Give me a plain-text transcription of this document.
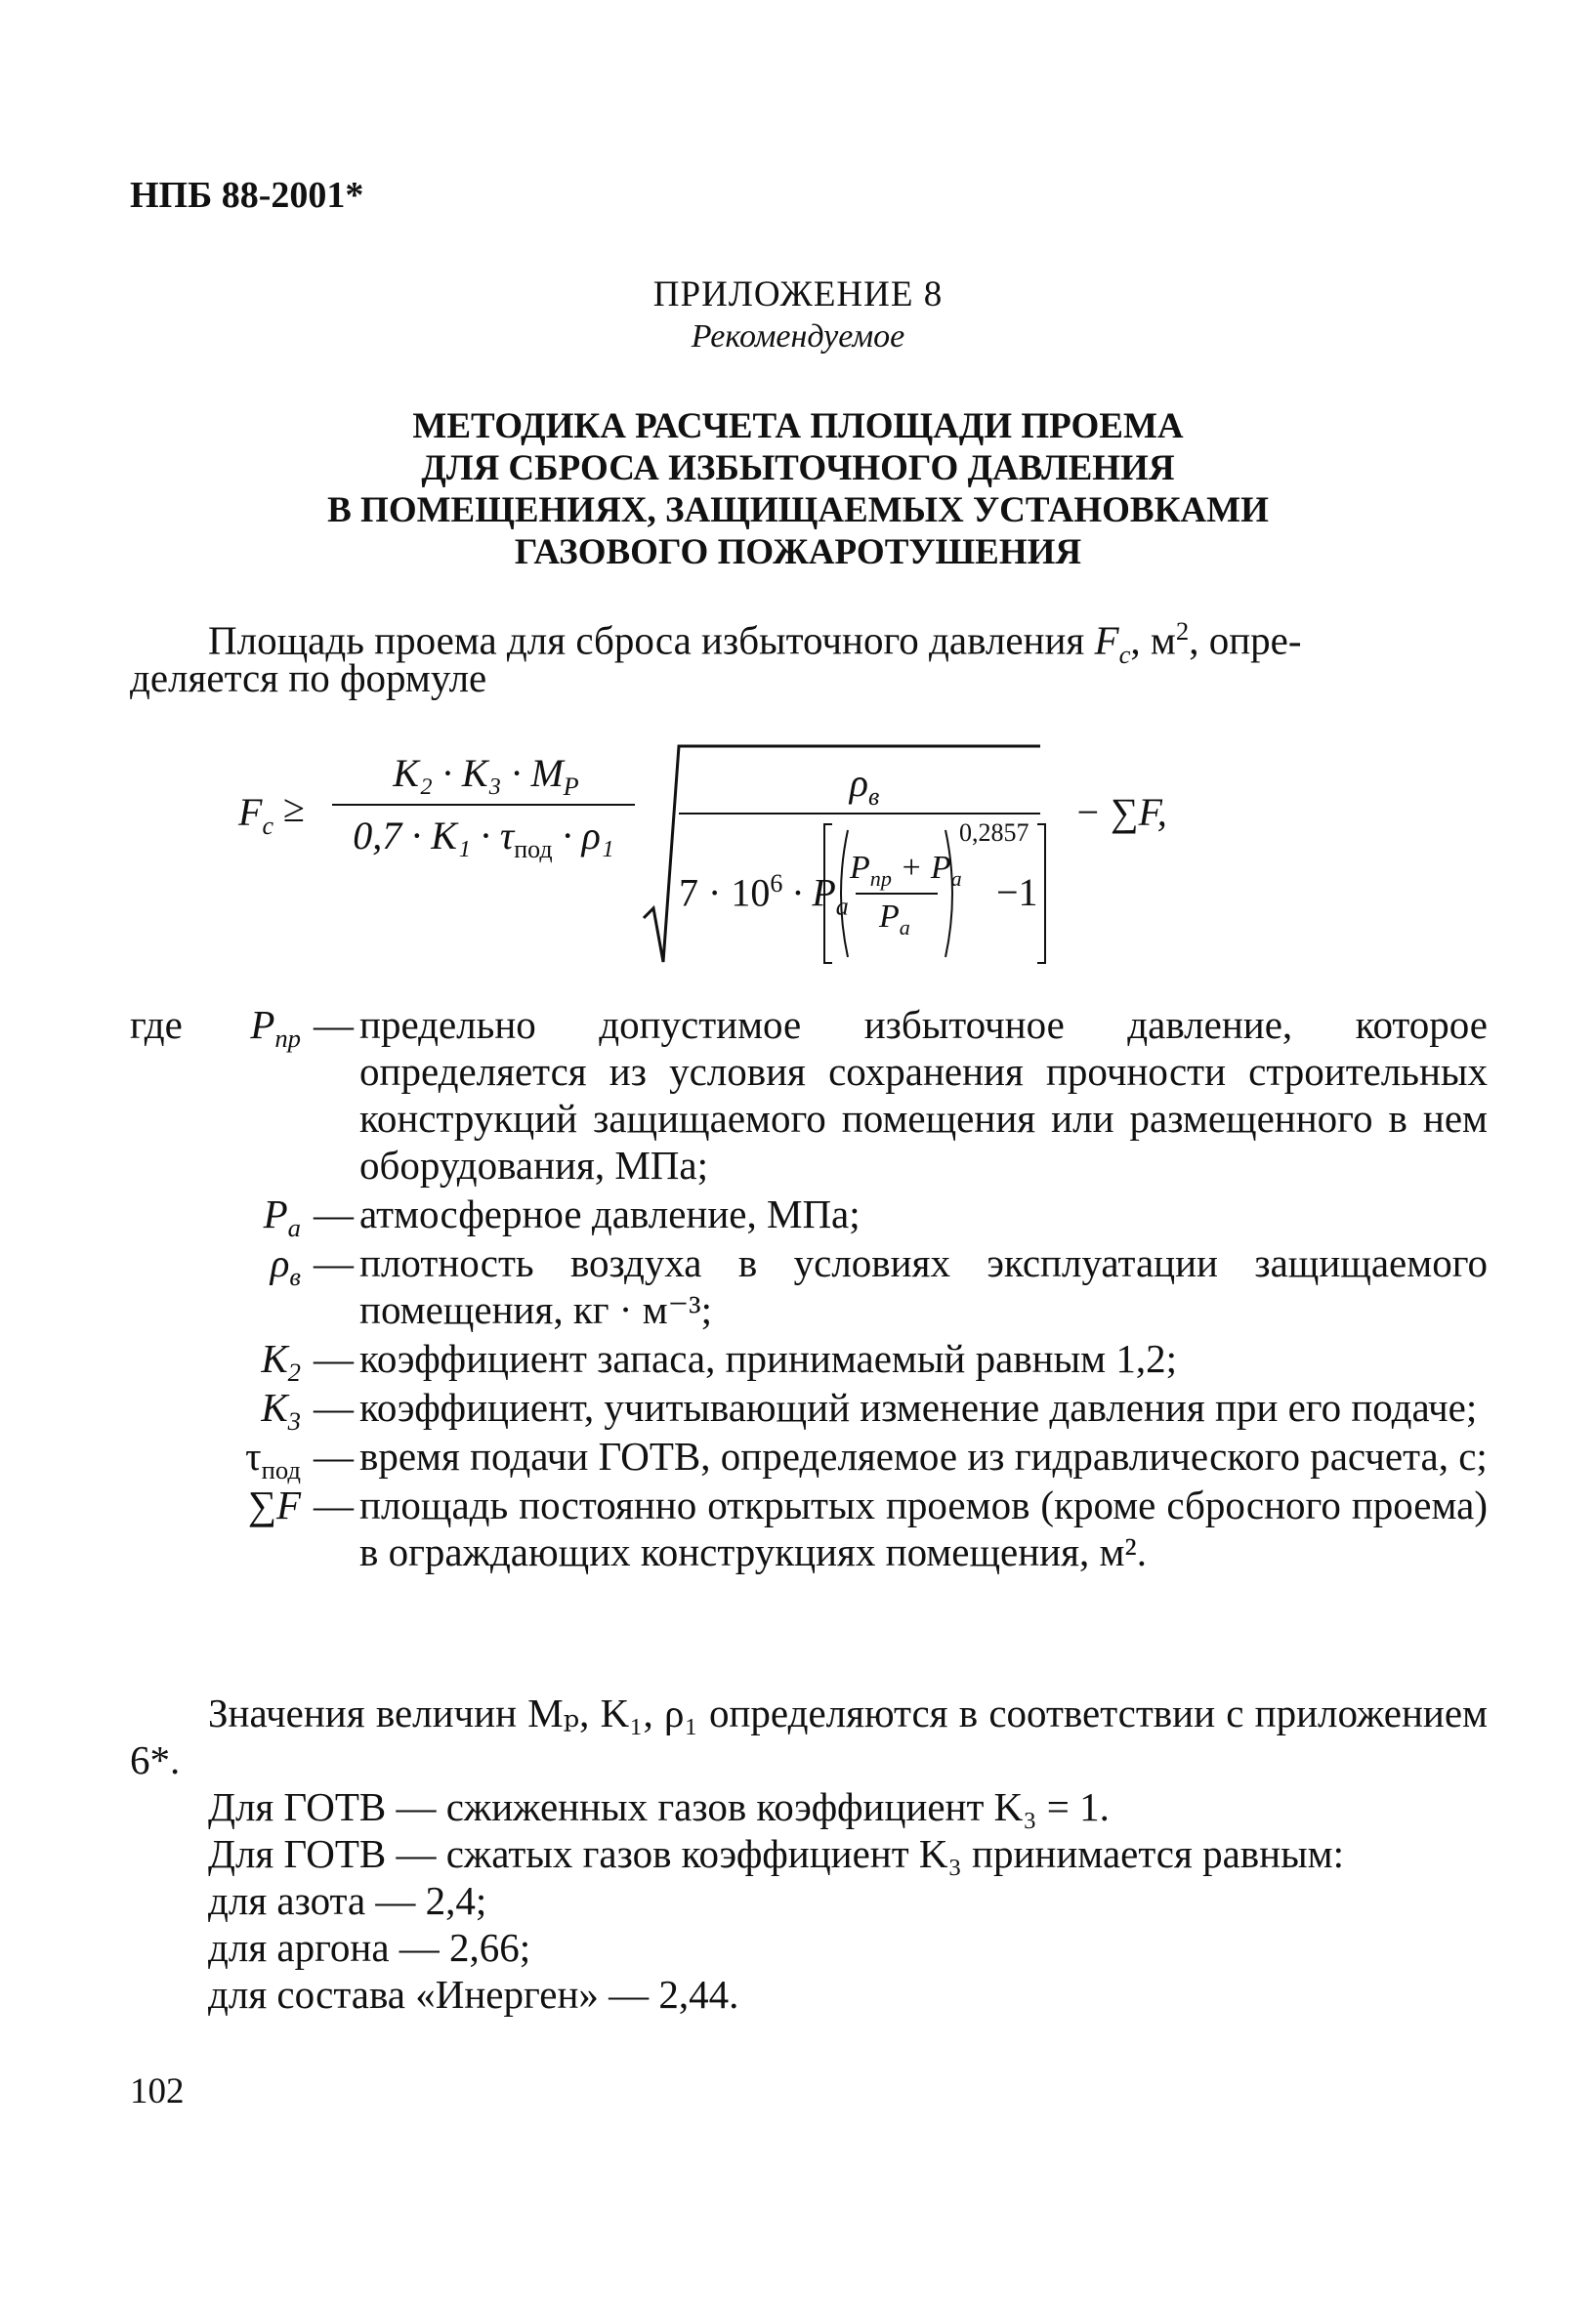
НПБ 88-2001*
ПРИЛОЖЕНИЕ 8
Рекомендуемое
МЕТОДИКА РАСЧЕТА ПЛОЩАДИ ПРОЕМА
ДЛЯ СБРОСА ИЗБЫТОЧНОГО ДАВЛЕНИЯ
В ПОМЕЩЕНИЯХ, ЗАЩИЩАЕМЫХ УСТАНОВКАМИ
ГАЗОВОГО ПОЖАРОТУШЕНИЯ
Площадь проема для сброса избыточного давления $F_c$, $м^2$, опре-
деляется по формуле
$F_c$ ≥
$K_2 \cdot K_3 \cdot M_P$
$0,7 \cdot K_1 \cdot \tau_{под} \cdot \rho_1$
$\rho_в$
$7 \cdot 10^6 \cdot P_a$
$P_{пр} + P_a$
$P_a$
0,2857
−1
− ∑F,
где	$P_{пр}$ — предельно допустимое избыточное давление, которое определяется из условия сохранения прочности строительных конструкций защищаемого помещения или размещенного в нем оборудования, МПа;
$P_a$ — атмосферное давление, МПа;
$\rho_в$ — плотность воздуха в условиях эксплуатации защищаемого помещения, кг · м⁻³;
$K_2$ — коэффициент запаса, принимаемый равным 1,2;
$K_3$ — коэффициент, учитывающий изменение давления при его подаче;
$\tau_{под}$ — время подачи ГОТВ, определяемое из гидравлического расчета, с;
∑F — площадь постоянно открытых проемов (кроме сбросного проема) в ограждающих конструкциях помещения, м².

Значения величин Mₚ, K₁, ρ₁ определяются в соответствии с приложением 6*.

Для ГОТВ — сжиженных газов коэффициент K₃ = 1.

Для ГОТВ — сжатых газов коэффициент K₃ принимается равным:

для азота — 2,4;

для аргона — 2,66;

для состава «Инерген» — 2,44.

102
